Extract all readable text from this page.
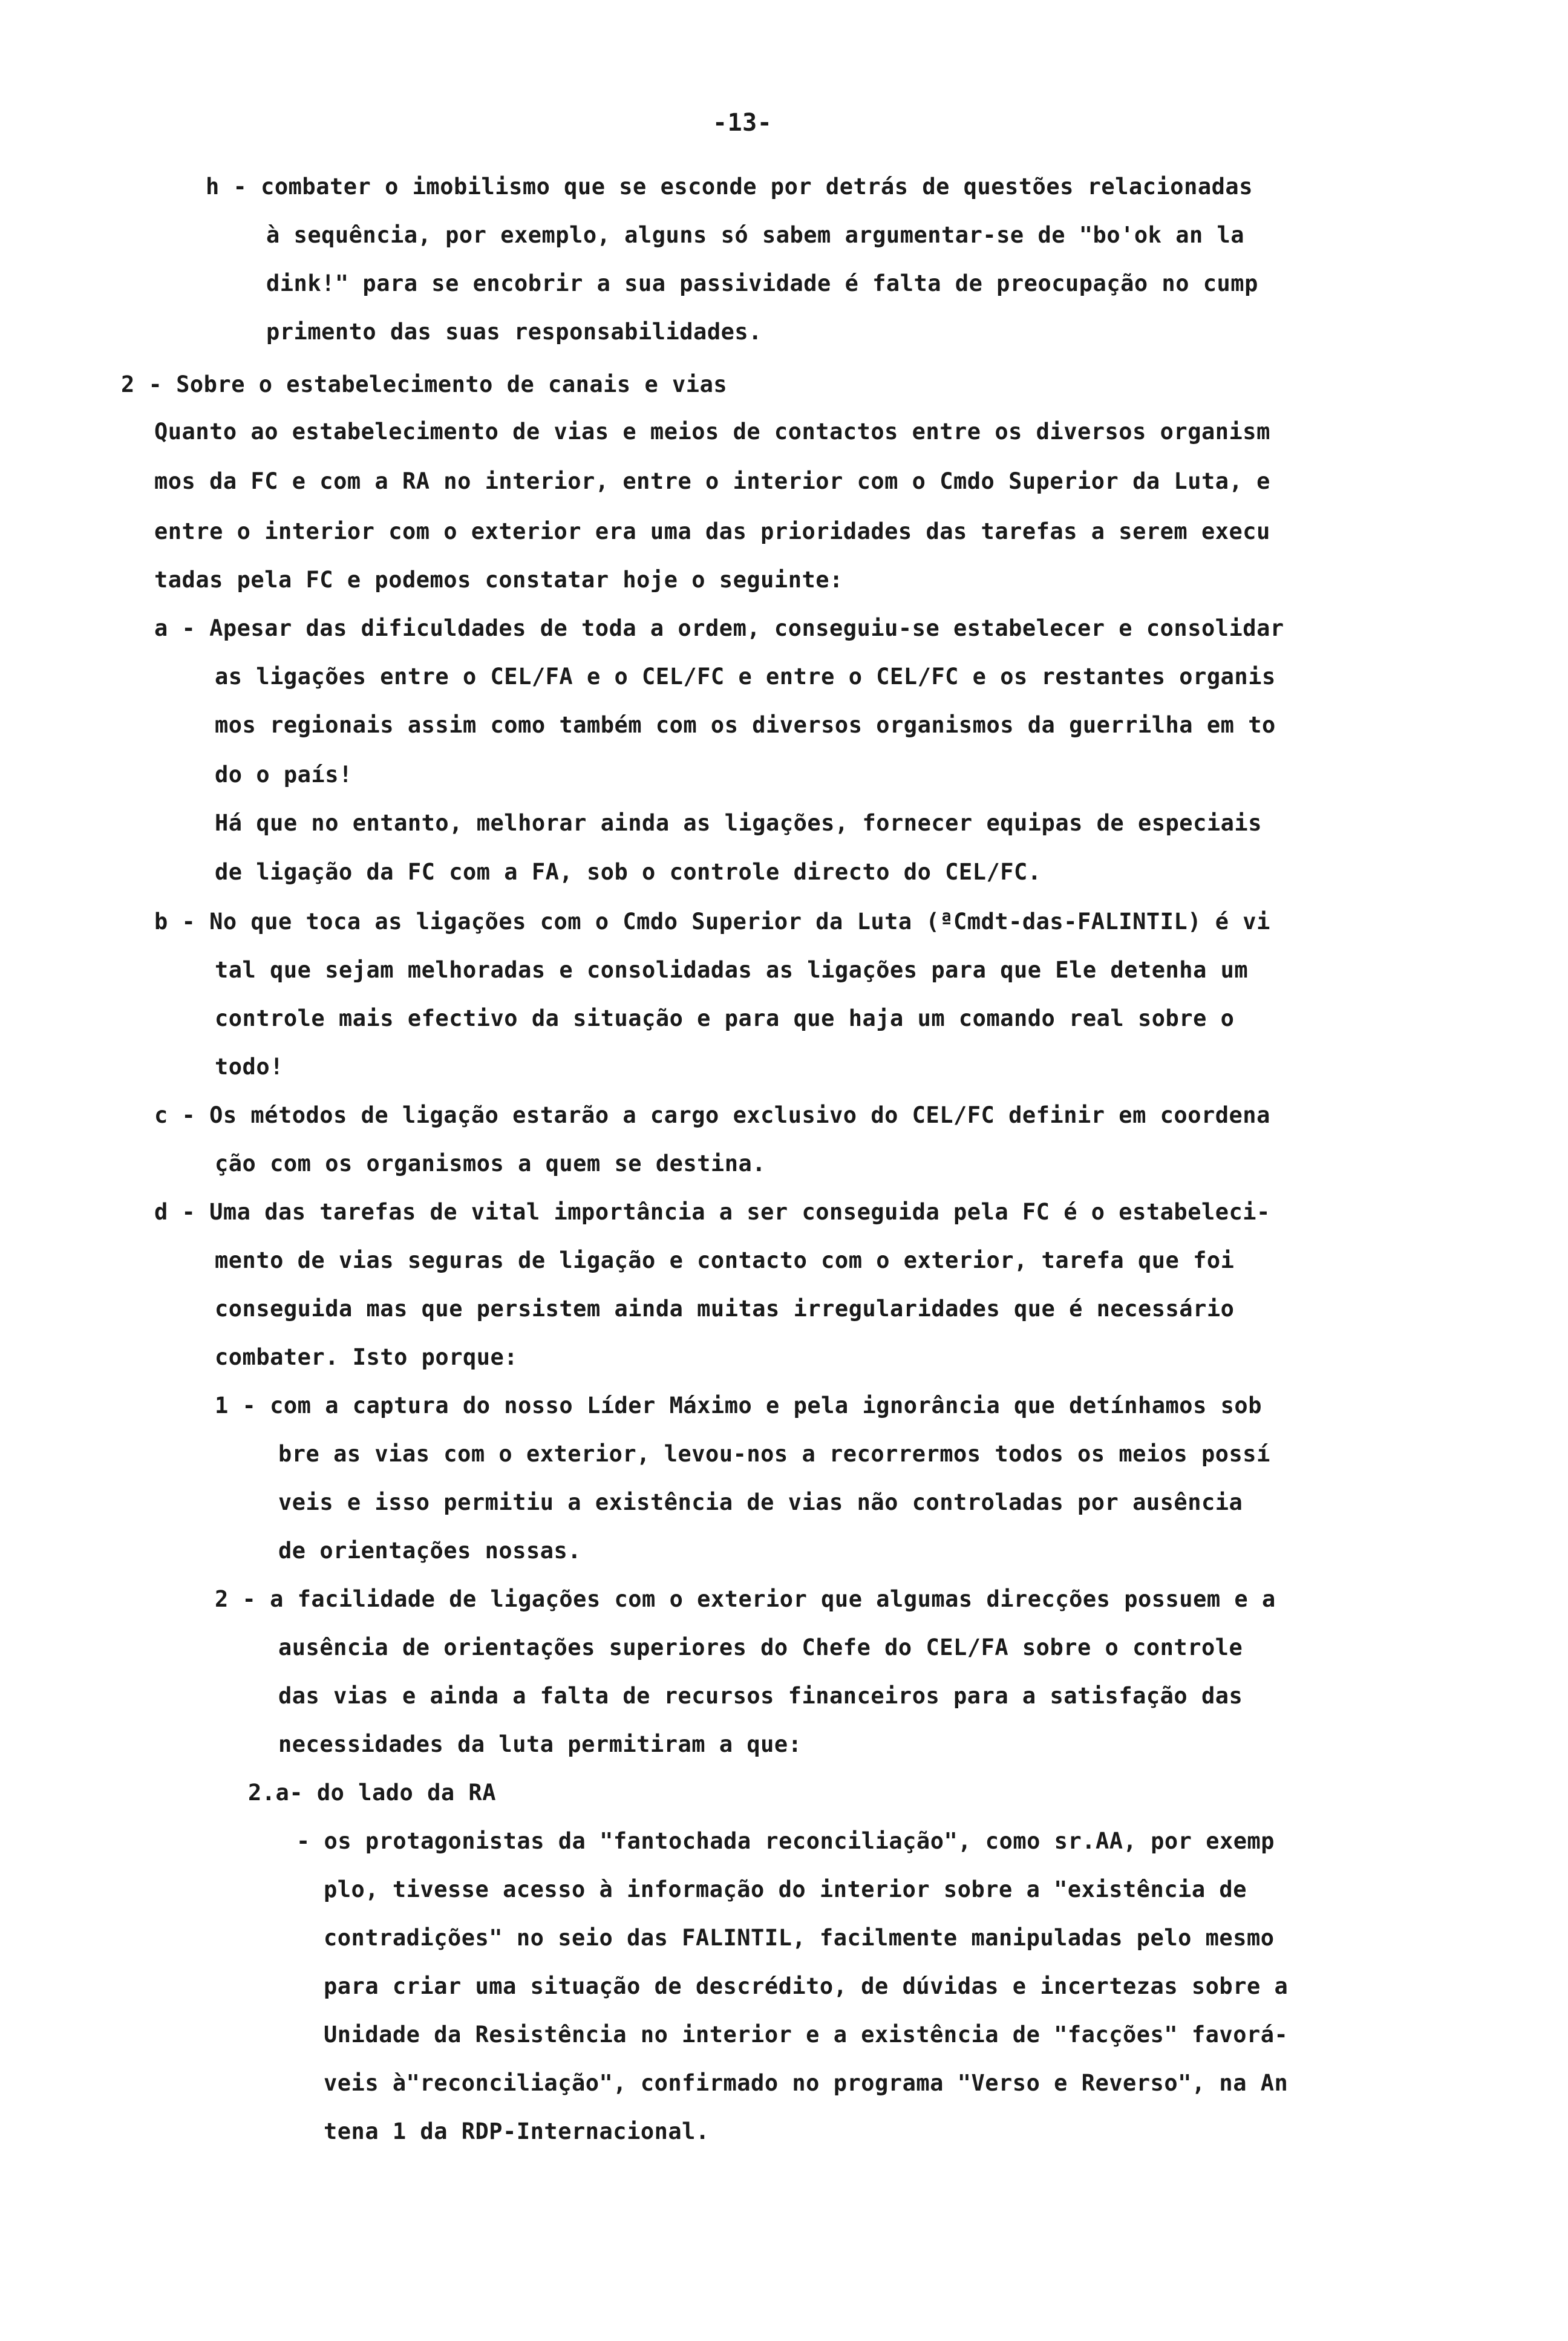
-13-
h - combater o imobilismo que se esconde por detrás de questões relacionadas
à sequência, por exemplo, alguns só sabem argumentar-se de "bo'ok an la
dink!" para se encobrir a sua passividade é falta de preocupação no cump
primento das suas responsabilidades.
2 - Sobre o estabelecimento de canais e vias
Quanto ao estabelecimento de vias e meios de contactos entre os diversos organism
mos da FC e com a RA no interior, entre o interior com o Cmdo Superior da Luta, e
entre o interior com o exterior era uma das prioridades das tarefas a serem execu
tadas pela FC e podemos constatar hoje o seguinte:
a - Apesar das dificuldades de toda a ordem, conseguiu-se estabelecer e consolidar
as ligações entre o CEL/FA e o CEL/FC e entre o CEL/FC e os restantes organis
mos regionais assim como também com os diversos organismos da guerrilha em to
do o país!
Há que no entanto, melhorar ainda as ligações, fornecer equipas de especiais
de ligação da FC com a FA, sob o controle directo do CEL/FC.
b - No que toca as ligações com o Cmdo Superior da Luta (ªCmdt-das-FALINTIL) é vi
tal que sejam melhoradas e consolidadas as ligações para que Ele detenha um
controle mais efectivo da situação e para que haja um comando real sobre o
todo!
c - Os métodos de ligação estarão a cargo exclusivo do CEL/FC definir em coordena
ção com os organismos a quem se destina.
d - Uma das tarefas de vital importância a ser conseguida pela FC é o estabeleci-
mento de vias seguras de ligação e contacto com o exterior, tarefa que foi
conseguida mas que persistem ainda muitas irregularidades que é necessário
combater. Isto porque:
1 - com a captura do nosso Líder Máximo e pela ignorância que detínhamos sob
bre as vias com o exterior, levou-nos a recorrermos todos os meios possí
veis e isso permitiu a existência de vias não controladas por ausência
de orientações nossas.
2 - a facilidade de ligações com o exterior que algumas direcções possuem e a
ausência de orientações superiores do Chefe do CEL/FA sobre o controle
das vias e ainda a falta de recursos financeiros para a satisfação das
necessidades da luta permitiram a que:
2.a- do lado da RA
- os protagonistas da "fantochada reconciliação", como sr.AA, por exemp
plo, tivesse acesso à informação do interior sobre a "existência de
contradições" no seio das FALINTIL, facilmente manipuladas pelo mesmo
para criar uma situação de descrédito, de dúvidas e incertezas sobre a
Unidade da Resistência no interior e a existência de "facções" favorá-
veis à"reconciliação", confirmado no programa "Verso e Reverso", na An
tena 1 da RDP-Internacional.
